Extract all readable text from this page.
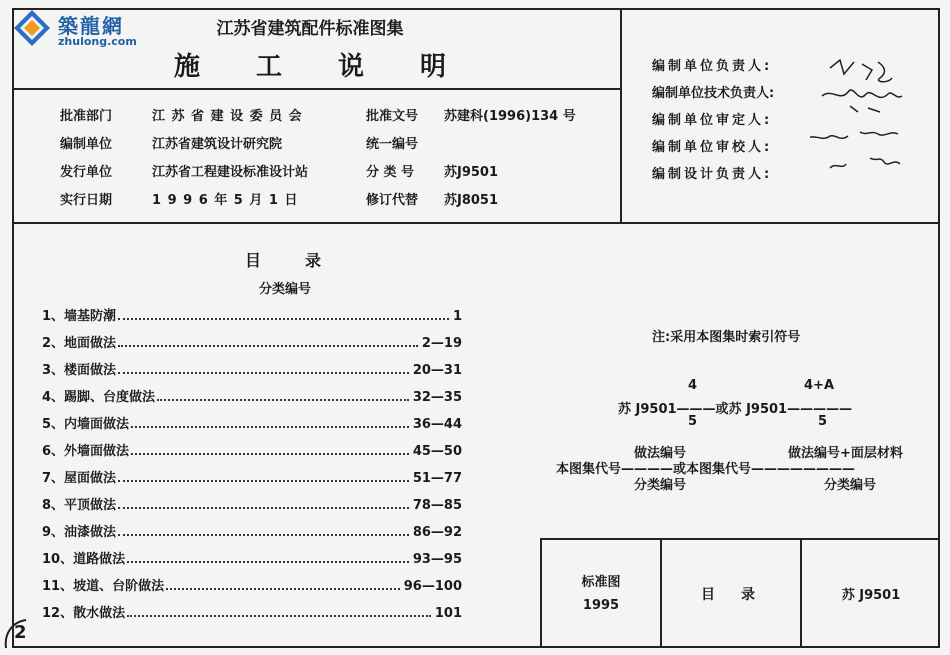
築龍網
zhulong.com
江苏省建筑配件标准图集
施工说明
批准部门	江 苏 省 建 设 委 员 会	批准文号 苏建科(1996)134 号
编制单位	江苏省建筑设计研究院	统一编号
发行单位	江苏省工程建设标准设计站	分 类 号 苏J9501
实行日期	1 9 9 6 年 5 月 1 日	修订代替 苏J8051
编制单位负责人:
编制单位技术负责人:
编制单位审定人:
编制单位审校人:
编制设计负责人:
目　　录
分类编号
1、墙基防潮	1
2、地面做法	2—19
3、楼面做法	20—31
4、踢脚、台度做法	32—35
5、内墙面做法	36—44
6、外墙面做法	45—50
7、屋面做法	51—77
8、平顶做法	78—85
9、油漆做法	86—92
10、道路做法	93—95
11、坡道、台阶做法	96—100
12、散水做法	101
注:采用本图集时索引符号
4	4+A
苏 J9501———或苏 J9501—————
5	5
做法编号	做法编号+面层材料
本图集代号————或本图集代号————————
分类编号	分类编号
标准图
1995
目　录	苏 J9501
2
